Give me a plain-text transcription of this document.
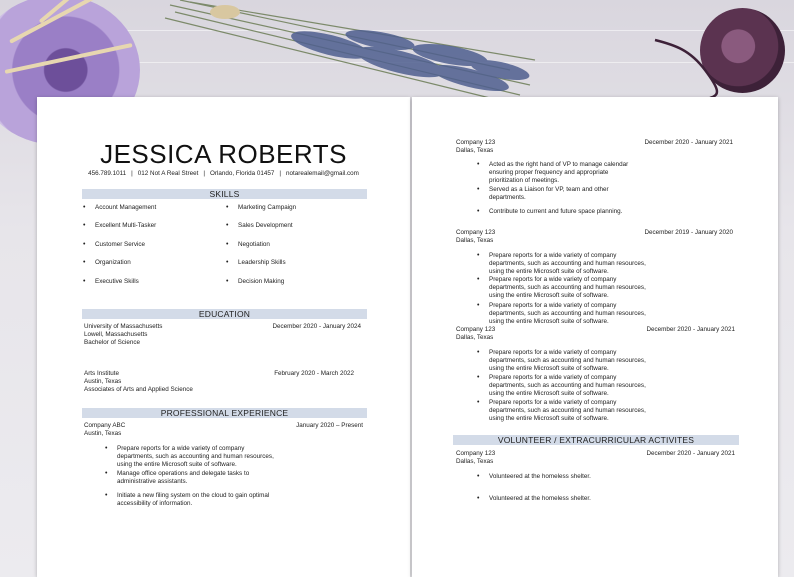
JESSICA ROBERTS
456.789.1011 | 012 Not A Real Street | Orlando, Florida 01457 | notarealemail@gmail.com
SKILLS
• Account Management
• Excellent Multi-Tasker
• Customer Service
• Organization
• Executive Skills
• Marketing Campaign
• Sales Development
• Negotiation
• Leadership Skills
• Decision Making
EDUCATION
University of Massachusetts
Lowell, Massachusetts
Bachelor of Science
December 2020 - January 2024
Arts Institute
Austin, Texas
Associates of Arts and Applied Science
February 2020 - March 2022
PROFESSIONAL EXPERIENCE
Company ABC
Austin, Texas
January 2020 – Present
• Prepare reports for a wide variety of company
departments, such as accounting and human resources,
using the entire Microsoft suite of software.
• Manage office operations and delegate tasks to
administrative assistants.
• Initiate a new filing system on the cloud to gain optimal
accessibility of information.
Company 123
Dallas, Texas
December 2020 - January 2021
• Acted as the right hand of VP to manage calendar
ensuring proper frequency and appropriate
prioritization of meetings.
• Served as a Liaison for VP, team and other
departments.
• Contribute to current and future space planning.
Company 123
Dallas, Texas
December 2019 - January 2020
• Prepare reports for a wide variety of company
departments, such as accounting and human resources,
using the entire Microsoft suite of software.
• Prepare reports for a wide variety of company
departments, such as accounting and human resources,
using the entire Microsoft suite of software.
• Prepare reports for a wide variety of company
departments, such as accounting and human resources,
using the entire Microsoft suite of software.
Company 123
Dallas, Texas
December 2020 - January 2021
• Prepare reports for a wide variety of company
departments, such as accounting and human resources,
using the entire Microsoft suite of software.
• Prepare reports for a wide variety of company
departments, such as accounting and human resources,
using the entire Microsoft suite of software.
• Prepare reports for a wide variety of company
departments, such as accounting and human resources,
using the entire Microsoft suite of software.
VOLUNTEER / EXTRACURRICULAR ACTIVITES
Company 123
Dallas, Texas
December 2020 - January 2021
• Volunteered at the homeless shelter.
• Volunteered at the homeless shelter.
